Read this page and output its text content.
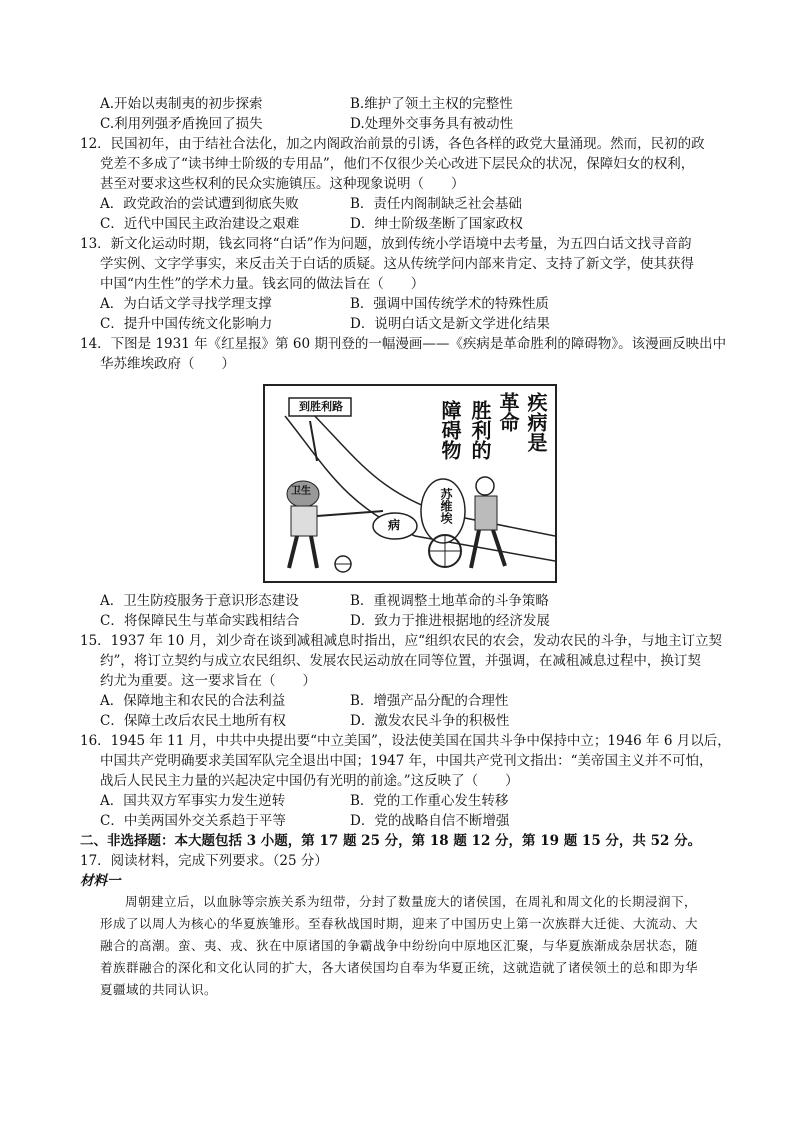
A.开始以夷制夷的初步探索	B.维护了领土主权的完整性
C.利用列强矛盾挽回了损失	D.处理外交事务具有被动性
12．民国初年，由于结社合法化，加之内阁政治前景的引诱，各色各样的政党大量涌现。然而，民初的政
党差不多成了“读书绅士阶级的专用品”，他们不仅很少关心改进下层民众的状况，保障妇女的权利，
甚至对要求这些权利的民众实施镇压。这种现象说明（　　）
A．政党政治的尝试遭到彻底失败	B．责任内阁制缺乏社会基础
C．近代中国民主政治建设之艰难	D．绅士阶级垄断了国家政权
13．新文化运动时期，钱玄同将“白话”作为问题，放到传统小学语境中去考量，为五四白话文找寻音韵
学实例、文字学事实，来反击关于白话的质疑。这从传统学问内部来肯定、支持了新文学，使其获得
中国“内生性”的学术力量。钱玄同的做法旨在（　　）
A．为白话文学寻找学理支撑	B．强调中国传统学术的特殊性质
C．提升中国传统文化影响力	D．说明白话文是新文学进化结果
14．下图是 1931 年《红星报》第 60 期刊登的一幅漫画——《疾病是革命胜利的障碍物》。该漫画反映出中
华苏维埃政府（　　）
到胜利路	疾病是
革命
胜利的
障碍物
卫生
病
苏维埃
A．卫生防疫服务于意识形态建设	B．重视调整土地革命的斗争策略
C．将保障民生与革命实践相结合	D．致力于推进根据地的经济发展
15．1937 年 10 月，刘少奇在谈到减租减息时指出，应“组织农民的农会，发动农民的斗争，与地主订立契
约”，将订立契约与成立农民组织、发展农民运动放在同等位置，并强调，在减租减息过程中，换订契
约尤为重要。这一要求旨在（　　）
A．保障地主和农民的合法利益	B．增强产品分配的合理性
C．保障土改后农民土地所有权	D．激发农民斗争的积极性
16．1945 年 11 月，中共中央提出要“中立美国”，设法使美国在国共斗争中保持中立；1946 年 6 月以后，
中国共产党明确要求美国军队完全退出中国；1947 年，中国共产党刊文指出：“美帝国主义并不可怕，
战后人民民主力量的兴起决定中国仍有光明的前途。”这反映了（　　）
A．国共双方军事实力发生逆转	B．党的工作重心发生转移
C．中美两国外交关系趋于平等	D．党的战略自信不断增强
二、非选择题：本大题包括 3 小题，第 17 题 25 分，第 18 题 12 分，第 19 题 15 分，共 52 分。
17．阅读材料，完成下列要求。（25 分）
材料一
周朝建立后，以血脉等宗族关系为纽带，分封了数量庞大的诸侯国，在周礼和周文化的长期浸润下，
形成了以周人为核心的华夏族雏形。至春秋战国时期，迎来了中国历史上第一次族群大迁徙、大流动、大
融合的高潮。蛮、夷、戎、狄在中原诸国的争霸战争中纷纷向中原地区汇聚，与华夏族渐成杂居状态，随
着族群融合的深化和文化认同的扩大，各大诸侯国均自奉为华夏正统，这就造就了诸侯领土的总和即为华
夏疆域的共同认识。
